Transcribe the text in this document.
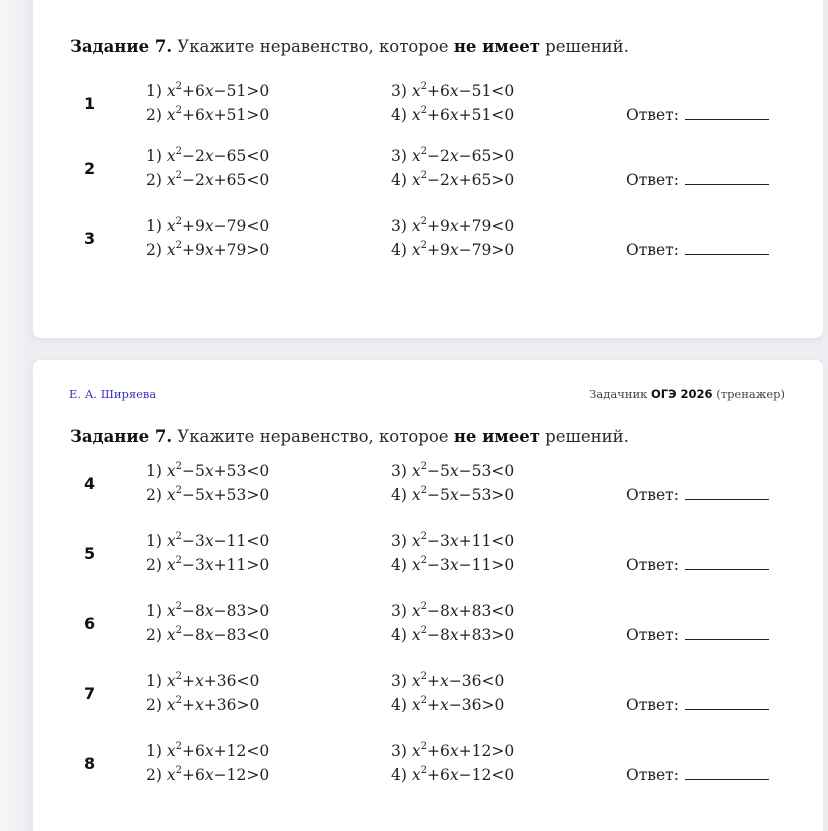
Задание 7. Укажите неравенство, которое не имеет решений.
1
1) $x^2+6x-51>0$
2) $x^2+6x+51>0$
3) $x^2+6x-51<0$
4) $x^2+6x+51<0$	Ответ:
2
1) $x^2-2x-65<0$
2) $x^2-2x+65<0$
3) $x^2-2x-65>0$
4) $x^2-2x+65>0$	Ответ:
3
1) $x^2+9x-79<0$
2) $x^2+9x+79>0$
3) $x^2+9x+79<0$
4) $x^2+9x-79>0$	Ответ:
Е. А. Ширяева	Задачник ОГЭ 2026 (тренажер)
Задание 7. Укажите неравенство, которое не имеет решений.
4
1) $x^2-5x+53<0$
2) $x^2-5x+53>0$
3) $x^2-5x-53<0$
4) $x^2-5x-53>0$	Ответ:
5
1) $x^2-3x-11<0$
2) $x^2-3x+11>0$
3) $x^2-3x+11<0$
4) $x^2-3x-11>0$	Ответ:
6
1) $x^2-8x-83>0$
2) $x^2-8x-83<0$
3) $x^2-8x+83<0$
4) $x^2-8x+83>0$	Ответ:
7
1) $x^2+x+36<0$
2) $x^2+x+36>0$
3) $x^2+x-36<0$
4) $x^2+x-36>0$	Ответ:
8
1) $x^2+6x+12<0$
2) $x^2+6x-12>0$
3) $x^2+6x+12>0$
4) $x^2+6x-12<0$	Ответ:
